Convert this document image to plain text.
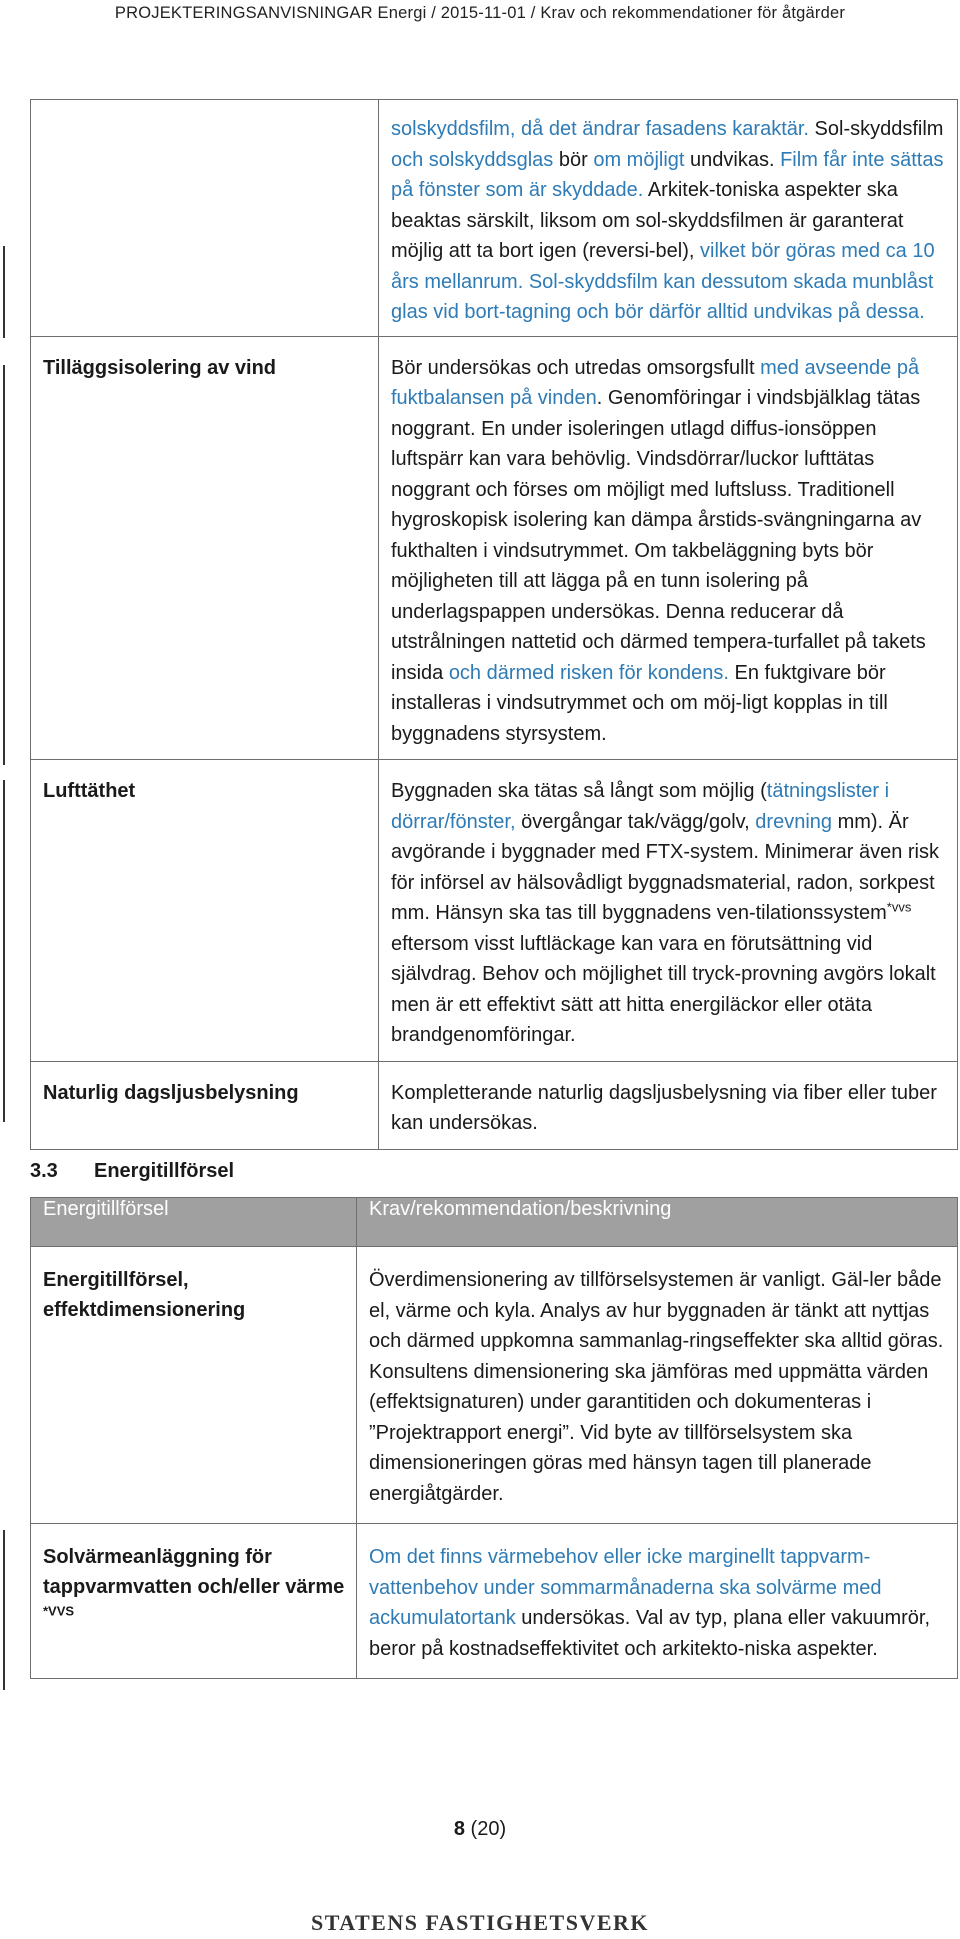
PROJEKTERINGSANVISNINGAR Energi / 2015-11-01 / Krav och rekommendationer för åtgärder
	solskyddsfilm, då det ändrar fasadens karaktär. Sol-skyddsfilm och solskyddsglas bör om möjligt undvikas. Film får inte sättas på fönster som är skyddade. Arkitek-toniska aspekter ska beaktas särskilt, liksom om sol-skyddsfilmen är garanterat möjlig att ta bort igen (reversi-bel), vilket bör göras med ca 10 års mellanrum. Sol-skyddsfilm kan dessutom skada munblåst glas vid bort-tagning och bör därför alltid undvikas på dessa.
Tilläggsisolering av vind	Bör undersökas och utredas omsorgsfullt med avseende på fuktbalansen på vinden. Genomföringar i vindsbjälklag tätas noggrant. En under isoleringen utlagd diffus-ionsöppen luftspärr kan vara behövlig. Vindsdörrar/luckor lufttätas noggrant och förses om möjligt med luftsluss. Traditionell hygroskopisk isolering kan dämpa årstids-svängningarna av fukthalten i vindsutrymmet. Om takbeläggning byts bör möjligheten till att lägga på en tunn isolering på underlagspappen undersökas. Denna reducerar då utstrålningen nattetid och därmed tempera-turfallet på takets insida och därmed risken för kondens. En fuktgivare bör installeras i vindsutrymmet och om möj-ligt kopplas in till byggnadens styrsystem.
Lufttäthet	Byggnaden ska tätas så långt som möjlig (tätningslister i dörrar/fönster, övergångar tak/vägg/golv, drevning mm). Är avgörande i byggnader med FTX-system. Minimerar även risk för införsel av hälsovådligt byggnadsmaterial, radon, sorkpest mm. Hänsyn ska tas till byggnadens ven-tilationssystem$^{*vvs}$ eftersom visst luftläckage kan vara en förutsättning vid självdrag. Behov och möjlighet till tryck-provning avgörs lokalt men är ett effektivt sätt att hitta energiläckor eller otäta brandgenomföringar.
Naturlig dagsljusbelysning	Kompletterande naturlig dagsljusbelysning via fiber eller tuber kan undersökas.
3.3 Energitillförsel
Energitillförsel	Krav/rekommendation/beskrivning
Energitillförsel, effektdimensionering	Överdimensionering av tillförselsystemen är vanligt. Gäl-ler både el, värme och kyla. Analys av hur byggnaden är tänkt att nyttjas och därmed uppkomna sammanlag-ringseffekter ska alltid göras. Konsultens dimensionering ska jämföras med uppmätta värden (effektsignaturen) under garantitiden och dokumenteras i ”Projektrapport energi”. Vid byte av tillförselsystem ska dimensioneringen göras med hänsyn tagen till planerade energiåtgärder.
Solvärmeanläggning för tappvarmvatten och/eller värme $^{*VVS}$	Om det finns värmebehov eller icke marginellt tappvarm-vattenbehov under sommarmånaderna ska solvärme med ackumulatortank undersökas. Val av typ, plana eller vakuumrör, beror på kostnadseffektivitet och arkitekto-niska aspekter.
8 (20)
STATENS FASTIGHETSVERK
